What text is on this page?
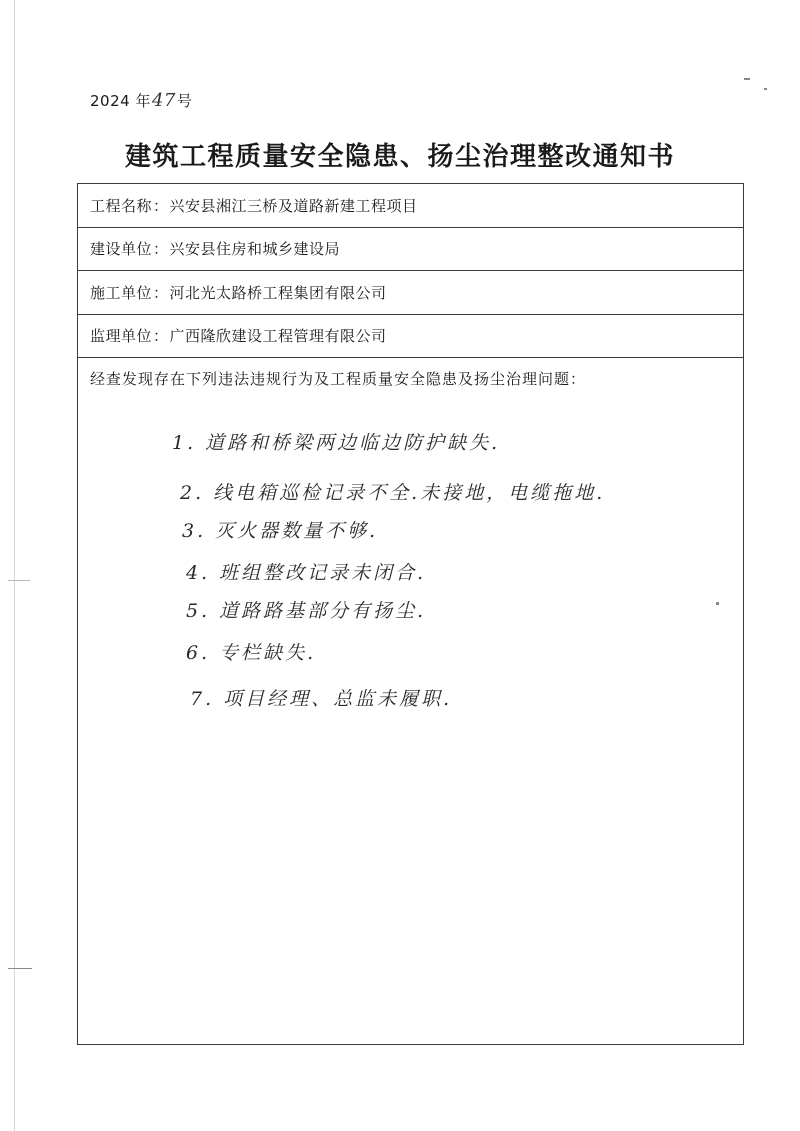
2024 年47号
建筑工程质量安全隐患、扬尘治理整改通知书
工程名称 ： 兴安县湘江三桥及道路新建工程项目
建设单位 ： 兴安县住房和城乡建设局
施工单位 ： 河北光太路桥工程集团有限公司
监理单位 ： 广西隆欣建设工程管理有限公司
经查发现存在下列违法违规行为及工程质量安全隐患及扬尘治理问题：
1. 道路和桥梁两边临边防护缺失.
2. 线电箱巡检记录不全.未接地，电缆拖地.
3. 灭火器数量不够.
4. 班组整改记录未闭合.
5. 道路路基部分有扬尘.
6. 专栏缺失.
7. 项目经理、总监未履职.
